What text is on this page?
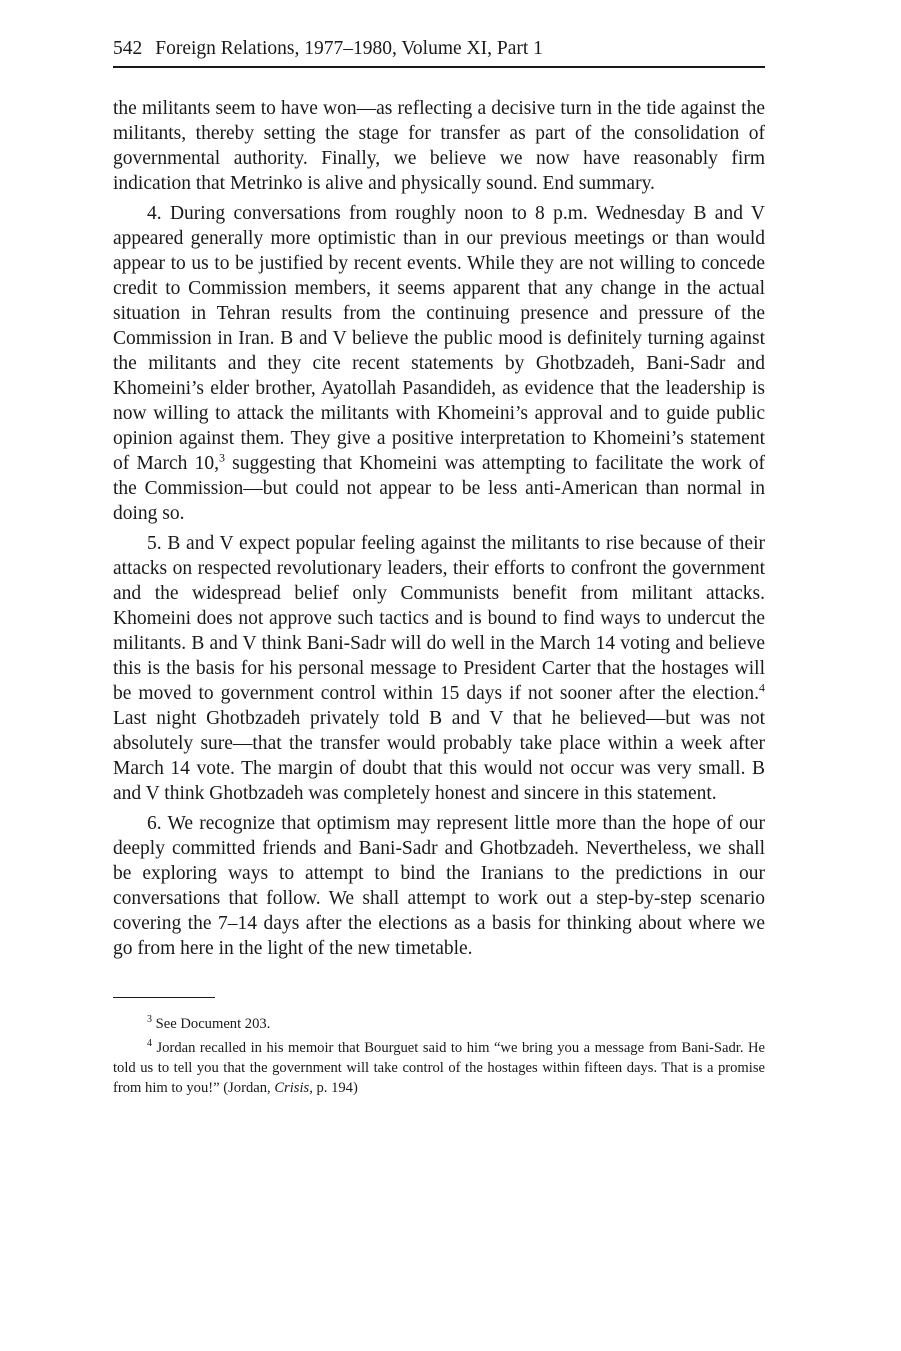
542 Foreign Relations, 1977–1980, Volume XI, Part 1

the militants seem to have won—as reflecting a decisive turn in the tide against the militants, thereby setting the stage for transfer as part of the consolidation of governmental authority. Finally, we believe we now have reasonably firm indication that Metrinko is alive and physically sound. End summary.

4. During conversations from roughly noon to 8 p.m. Wednesday B and V appeared generally more optimistic than in our previous meetings or than would appear to us to be justified by recent events. While they are not willing to concede credit to Commission members, it seems apparent that any change in the actual situation in Tehran results from the continuing presence and pressure of the Commission in Iran. B and V believe the public mood is definitely turning against the militants and they cite recent statements by Ghotbzadeh, Bani-Sadr and Khomeini’s elder brother, Ayatollah Pasandideh, as evidence that the leadership is now willing to attack the militants with Khomeini’s approval and to guide public opinion against them. They give a positive interpretation to Khomeini’s statement of March 10,$^3$ suggesting that Khomeini was attempting to facilitate the work of the Commission—but could not appear to be less anti-American than normal in doing so.

5. B and V expect popular feeling against the militants to rise because of their attacks on respected revolutionary leaders, their efforts to confront the government and the widespread belief only Communists benefit from militant attacks. Khomeini does not approve such tactics and is bound to find ways to undercut the militants. B and V think Bani-Sadr will do well in the March 14 voting and believe this is the basis for his personal message to President Carter that the hostages will be moved to government control within 15 days if not sooner after the election.$^4$ Last night Ghotbzadeh privately told B and V that he believed—but was not absolutely sure—that the transfer would probably take place within a week after March 14 vote. The margin of doubt that this would not occur was very small. B and V think Ghotbzadeh was completely honest and sincere in this statement.

6. We recognize that optimism may represent little more than the hope of our deeply committed friends and Bani-Sadr and Ghotbzadeh. Nevertheless, we shall be exploring ways to attempt to bind the Iranians to the predictions in our conversations that follow. We shall attempt to work out a step-by-step scenario covering the 7–14 days after the elections as a basis for thinking about where we go from here in the light of the new timetable.

$^3$ See Document 203.

$^4$ Jordan recalled in his memoir that Bourguet said to him “we bring you a message from Bani-Sadr. He told us to tell you that the government will take control of the hostages within fifteen days. That is a promise from him to you!” (Jordan, Crisis, p. 194)
